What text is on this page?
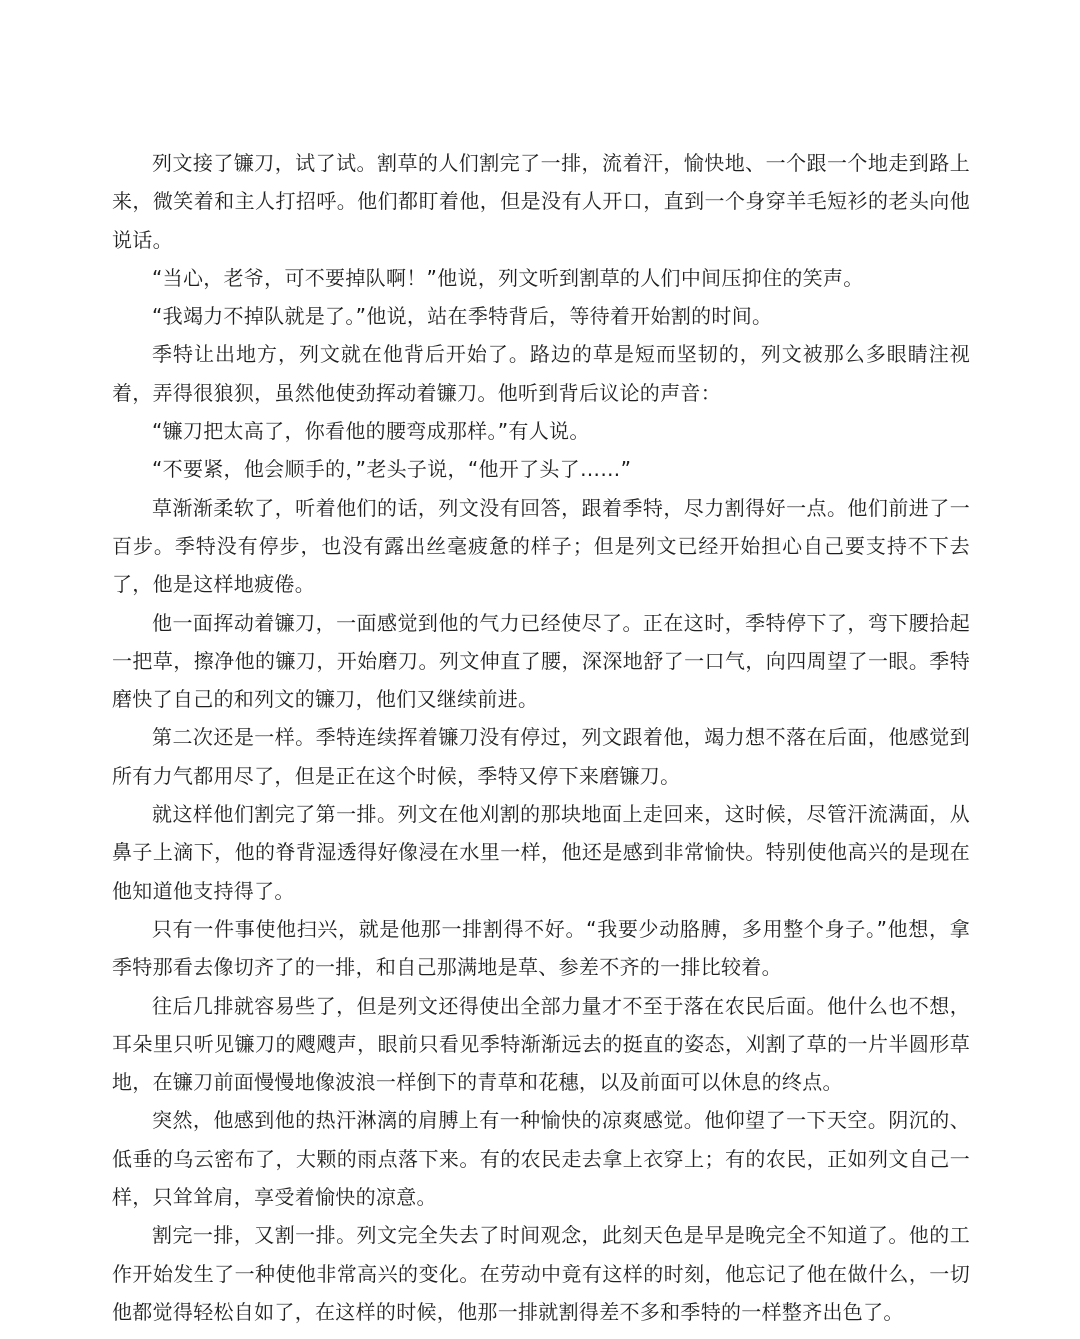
列文接了镰刀，试了试。割草的人们割完了一排，流着汗，愉快地、一个跟一个地走到路上来，微笑着和主人打招呼。他们都盯着他，但是没有人开口，直到一个身穿羊毛短衫的老头向他说话。

“当心，老爷，可不要掉队啊！”他说，列文听到割草的人们中间压抑住的笑声。

“我竭力不掉队就是了。”他说，站在季特背后，等待着开始割的时间。

季特让出地方，列文就在他背后开始了。路边的草是短而坚韧的，列文被那么多眼睛注视着，弄得很狼狈，虽然他使劲挥动着镰刀。他听到背后议论的声音：

“镰刀把太高了，你看他的腰弯成那样。”有人说。

“不要紧，他会顺手的，”老头子说，“他开了头了……”

草渐渐柔软了，听着他们的话，列文没有回答，跟着季特，尽力割得好一点。他们前进了一百步。季特没有停步，也没有露出丝毫疲惫的样子；但是列文已经开始担心自己要支持不下去了，他是这样地疲倦。

他一面挥动着镰刀，一面感觉到他的气力已经使尽了。正在这时，季特停下了，弯下腰拾起一把草，擦净他的镰刀，开始磨刀。列文伸直了腰，深深地舒了一口气，向四周望了一眼。季特磨快了自己的和列文的镰刀，他们又继续前进。

第二次还是一样。季特连续挥着镰刀没有停过，列文跟着他，竭力想不落在后面，他感觉到所有力气都用尽了，但是正在这个时候，季特又停下来磨镰刀。

就这样他们割完了第一排。列文在他刈割的那块地面上走回来，这时候，尽管汗流满面，从鼻子上滴下，他的脊背湿透得好像浸在水里一样，他还是感到非常愉快。特别使他高兴的是现在他知道他支持得了。

只有一件事使他扫兴，就是他那一排割得不好。“我要少动胳膊，多用整个身子。”他想，拿季特那看去像切齐了的一排，和自己那满地是草、参差不齐的一排比较着。

往后几排就容易些了，但是列文还得使出全部力量才不至于落在农民后面。他什么也不想，耳朵里只听见镰刀的飕飕声，眼前只看见季特渐渐远去的挺直的姿态，刈割了草的一片半圆形草地，在镰刀前面慢慢地像波浪一样倒下的青草和花穗，以及前面可以休息的终点。

突然，他感到他的热汗淋漓的肩膊上有一种愉快的凉爽感觉。他仰望了一下天空。阴沉的、低垂的乌云密布了，大颗的雨点落下来。有的农民走去拿上衣穿上；有的农民，正如列文自己一样，只耸耸肩，享受着愉快的凉意。

割完一排，又割一排。列文完全失去了时间观念，此刻天色是早是晚完全不知道了。他的工作开始发生了一种使他非常高兴的变化。在劳动中竟有这样的时刻，他忘记了他在做什么，一切他都觉得轻松自如了，在这样的时候，他那一排就割得差不多和季特的一样整齐出色了。
